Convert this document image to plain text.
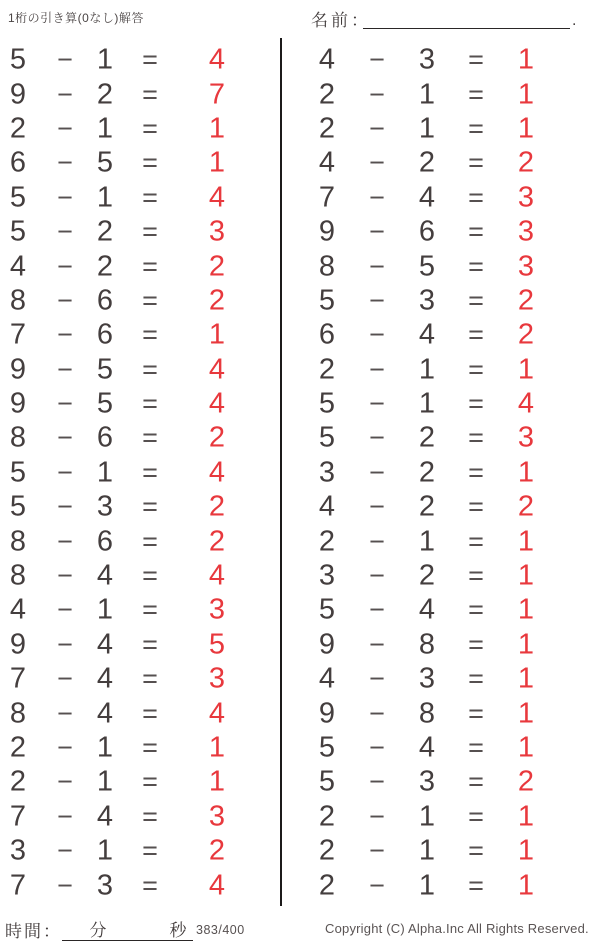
1桁の引き算(0なし)解答	名前：	.
5 − 1 = 4
9 − 2 = 7
2 − 1 = 1
6 − 5 = 1
5 − 1 = 4
5 − 2 = 3
4 − 2 = 2
8 − 6 = 2
7 − 6 = 1
9 − 5 = 4
9 − 5 = 4
8 − 6 = 2
5 − 1 = 4
5 − 3 = 2
8 − 6 = 2
8 − 4 = 4
4 − 1 = 3
9 − 4 = 5
7 − 4 = 3
8 − 4 = 4
2 − 1 = 1
2 − 1 = 1
7 − 4 = 3
3 − 1 = 2
7 − 3 = 4
4 − 3 = 1
2 − 1 = 1
2 − 1 = 1
4 − 2 = 2
7 − 4 = 3
9 − 6 = 3
8 − 5 = 3
5 − 3 = 2
6 − 4 = 2
2 − 1 = 1
5 − 1 = 4
5 − 2 = 3
3 − 2 = 1
4 − 2 = 2
2 − 1 = 1
3 − 2 = 1
5 − 4 = 1
9 − 8 = 1
4 − 3 = 1
9 − 8 = 1
5 − 4 = 1
5 − 3 = 2
2 − 1 = 1
2 − 1 = 1
2 − 1 = 1
時間： 分	秒 383/400	Copyright (C) Alpha.Inc All Rights Reserved.
